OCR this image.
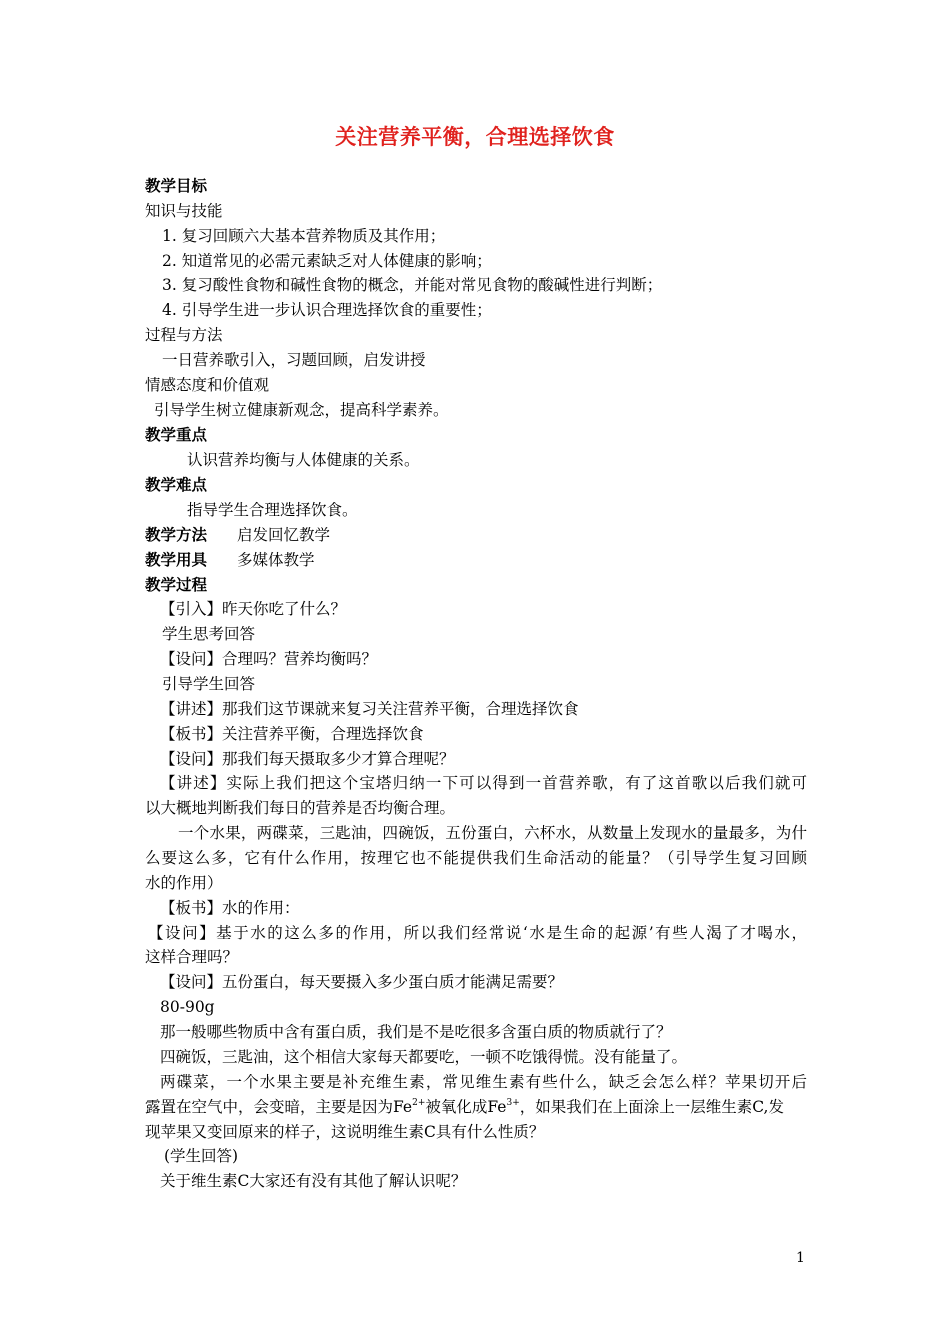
关注营养平衡，合理选择饮食
教学目标
知识与技能
1. 复习回顾六大基本营养物质及其作用；
2. 知道常见的必需元素缺乏对人体健康的影响；
3. 复习酸性食物和碱性食物的概念，并能对常见食物的酸碱性进行判断；
4. 引导学生进一步认识合理选择饮食的重要性；
过程与方法
一日营养歌引入，习题回顾，启发讲授
情感态度和价值观
引导学生树立健康新观念，提高科学素养。
教学重点
认识营养均衡与人体健康的关系。
教学难点
指导学生合理选择饮食。
教学方法 启发回忆教学
教学用具 多媒体教学
教学过程
【引入】昨天你吃了什么？
学生思考回答
【设问】合理吗？营养均衡吗？
引导学生回答
【讲述】那我们这节课就来复习关注营养平衡，合理选择饮食
【板书】关注营养平衡，合理选择饮食
【设问】那我们每天摄取多少才算合理呢？
【讲述】实际上我们把这个宝塔归纳一下可以得到一首营养歌，有了这首歌以后我们就可
以大概地判断我们每日的营养是否均衡合理。
一个水果，两碟菜，三匙油，四碗饭，五份蛋白，六杯水，从数量上发现水的量最多，为什
么要这么多，它有什么作用，按理它也不能提供我们生命活动的能量？（引导学生复习回顾
水的作用）
【板书】水的作用：
【设问】基于水的这么多的作用，所以我们经常说‘水是生命的起源’有些人渴了才喝水，
这样合理吗？
【设问】五份蛋白，每天要摄入多少蛋白质才能满足需要？
80-90g
那一般哪些物质中含有蛋白质，我们是不是吃很多含蛋白质的物质就行了？
四碗饭，三匙油，这个相信大家每天都要吃，一顿不吃饿得慌。没有能量了。
两碟菜，一个水果主要是补充维生素，常见维生素有些什么，缺乏会怎么样？苹果切开后
露置在空气中，会变暗，主要是因为$Fe^{2+}$被氧化成$Fe^{3+}$，如果我们在上面涂上一层维生素C,发
现苹果又变回原来的样子，这说明维生素C具有什么性质？
(学生回答)
关于维生素C大家还有没有其他了解认识呢？
1
